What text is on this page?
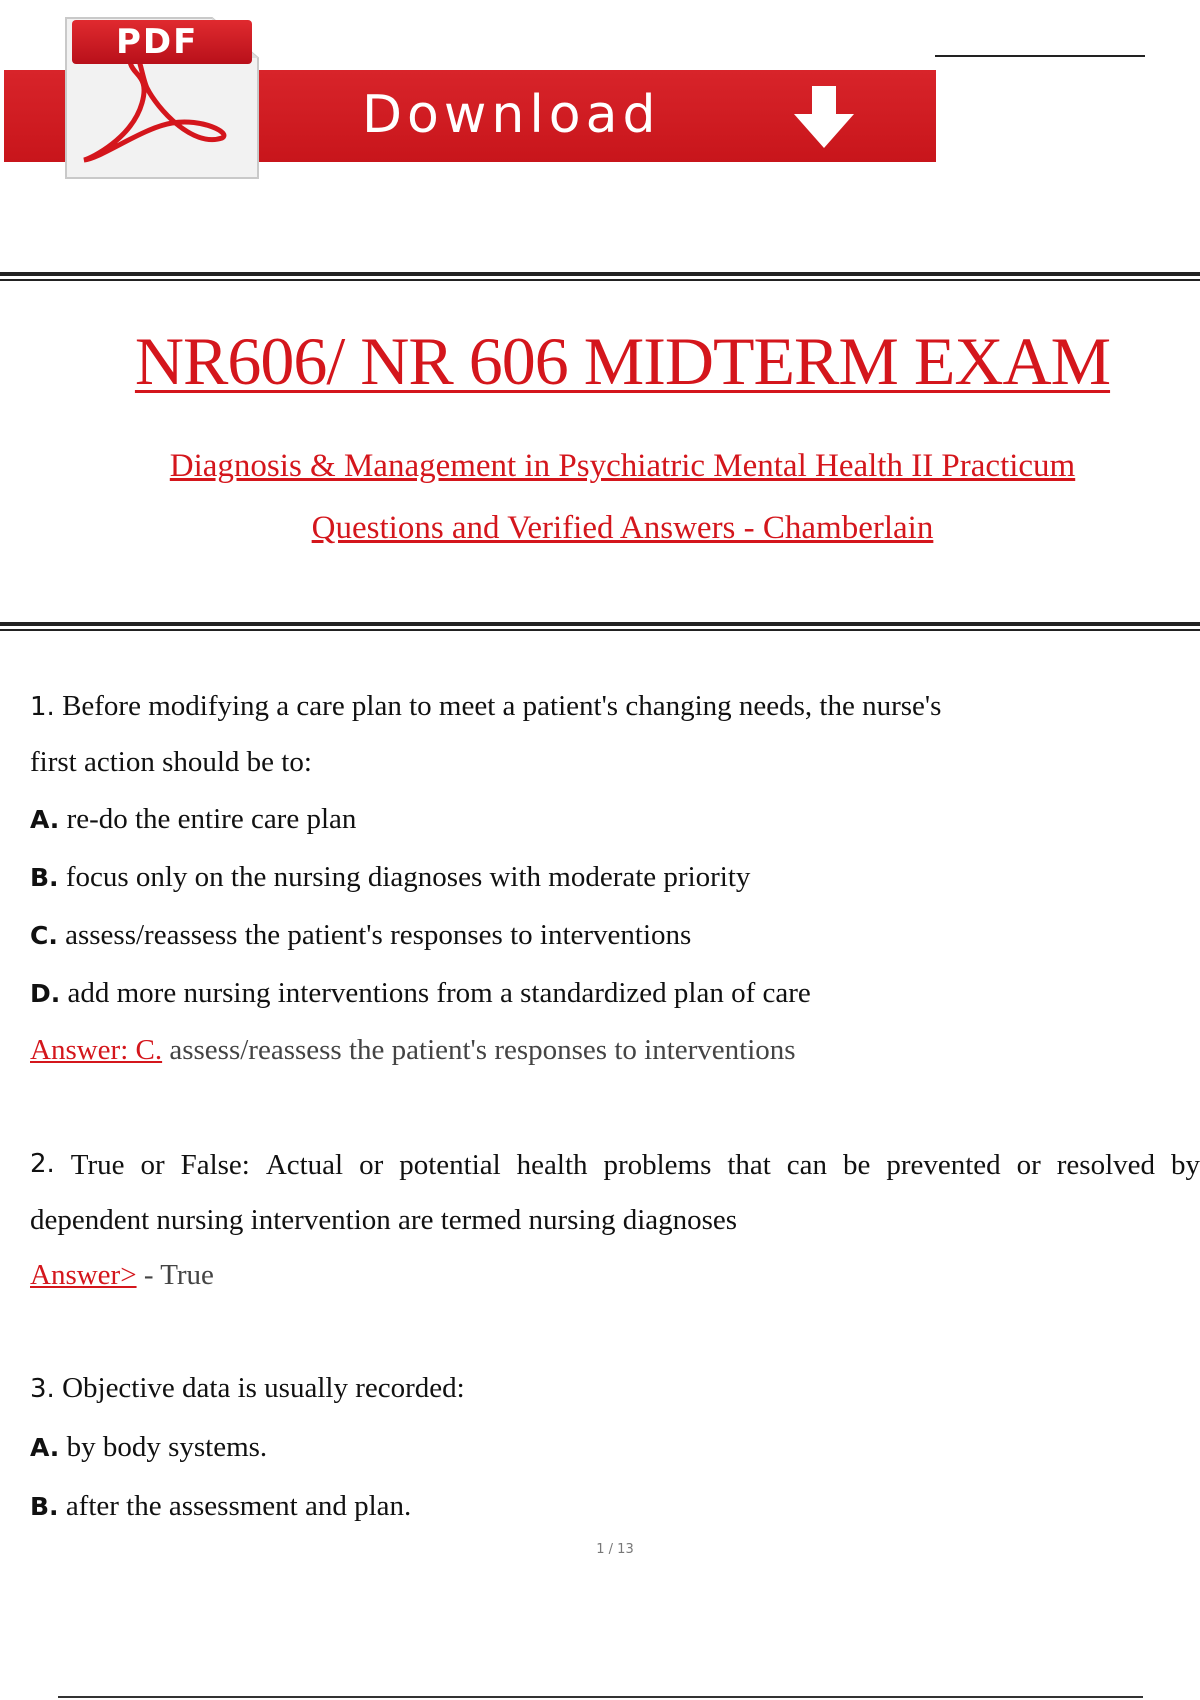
Download
PDF
NR606/ NR 606 MIDTERM EXAM
Diagnosis & Management in Psychiatric Mental Health II Practicum
Questions and Verified Answers - Chamberlain
1. Before modifying a care plan to meet a patient's changing needs, the nurse's
first action should be to:
A. re-do the entire care plan
B. focus only on the nursing diagnoses with moderate priority
C. assess/reassess the patient's responses to interventions
D. add more nursing interventions from a standardized plan of care
Answer: C. assess/reassess the patient's responses to interventions
2. True or False: Actual or potential health problems that can be prevented or resolved by
dependent nursing intervention are termed nursing diagnoses
Answer> - True
3. Objective data is usually recorded:
A. by body systems.
B. after the assessment and plan.
1 / 13
